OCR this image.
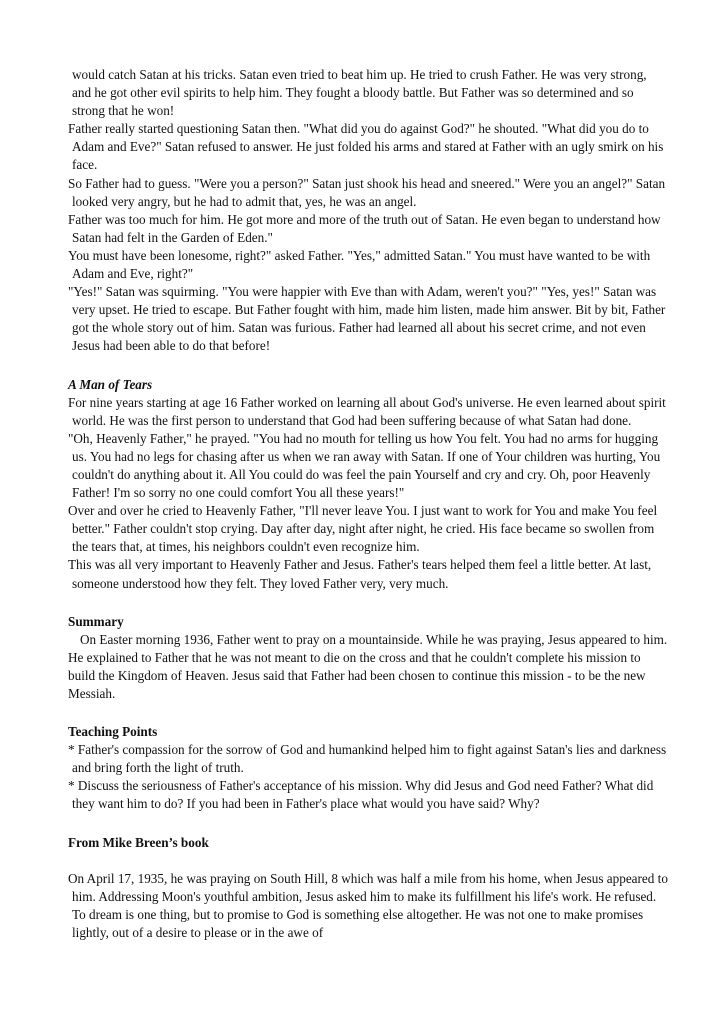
would catch Satan at his tricks. Satan even tried to beat him up. He tried to crush Father. He was very strong, and he got other evil spirits to help him. They fought a bloody battle. But Father was so determined and so strong that he won!

Father really started questioning Satan then. "What did you do against God?" he shouted. "What did you do to Adam and Eve?" Satan refused to answer. He just folded his arms and stared at Father with an ugly smirk on his face.

So Father had to guess. "Were you a person?" Satan just shook his head and sneered." Were you an angel?" Satan looked very angry, but he had to admit that, yes, he was an angel.

Father was too much for him. He got more and more of the truth out of Satan. He even began to understand how Satan had felt in the Garden of Eden."

You must have been lonesome, right?" asked Father. "Yes," admitted Satan." You must have wanted to be with Adam and Eve, right?"

"Yes!" Satan was squirming. "You were happier with Eve than with Adam, weren't you?" "Yes, yes!" Satan was very upset. He tried to escape. But Father fought with him, made him listen, made him answer. Bit by bit, Father got the whole story out of him. Satan was furious. Father had learned all about his secret crime, and not even Jesus had been able to do that before!

A Man of Tears

For nine years starting at age 16 Father worked on learning all about God's universe. He even learned about spirit world. He was the first person to understand that God had been suffering because of what Satan had done.

"Oh, Heavenly Father," he prayed. "You had no mouth for telling us how You felt. You had no arms for hugging us. You had no legs for chasing after us when we ran away with Satan. If one of Your children was hurting, You couldn't do anything about it. All You could do was feel the pain Yourself and cry and cry. Oh, poor Heavenly Father! I'm so sorry no one could comfort You all these years!"

Over and over he cried to Heavenly Father, "I'll never leave You. I just want to work for You and make You feel better." Father couldn't stop crying. Day after day, night after night, he cried. His face became so swollen from the tears that, at times, his neighbors couldn't even recognize him.

This was all very important to Heavenly Father and Jesus. Father's tears helped them feel a little better. At last, someone understood how they felt. They loved Father very, very much.

Summary

On Easter morning 1936, Father went to pray on a mountainside. While he was praying, Jesus appeared to him. He explained to Father that he was not meant to die on the cross and that he couldn't complete his mission to build the Kingdom of Heaven. Jesus said that Father had been chosen to continue this mission - to be the new Messiah.

Teaching Points

* Father's compassion for the sorrow of God and humankind helped him to fight against Satan's lies and darkness and bring forth the light of truth.

* Discuss the seriousness of Father's acceptance of his mission. Why did Jesus and God need Father? What did they want him to do? If you had been in Father's place what would you have said? Why?

From Mike Breen’s book

On April 17, 1935, he was praying on South Hill, 8 which was half a mile from his home, when Jesus appeared to him. Addressing Moon's youthful ambition, Jesus asked him to make its fulfillment his life's work. He refused. To dream is one thing, but to promise to God is something else altogether. He was not one to make promises lightly, out of a desire to please or in the awe of
